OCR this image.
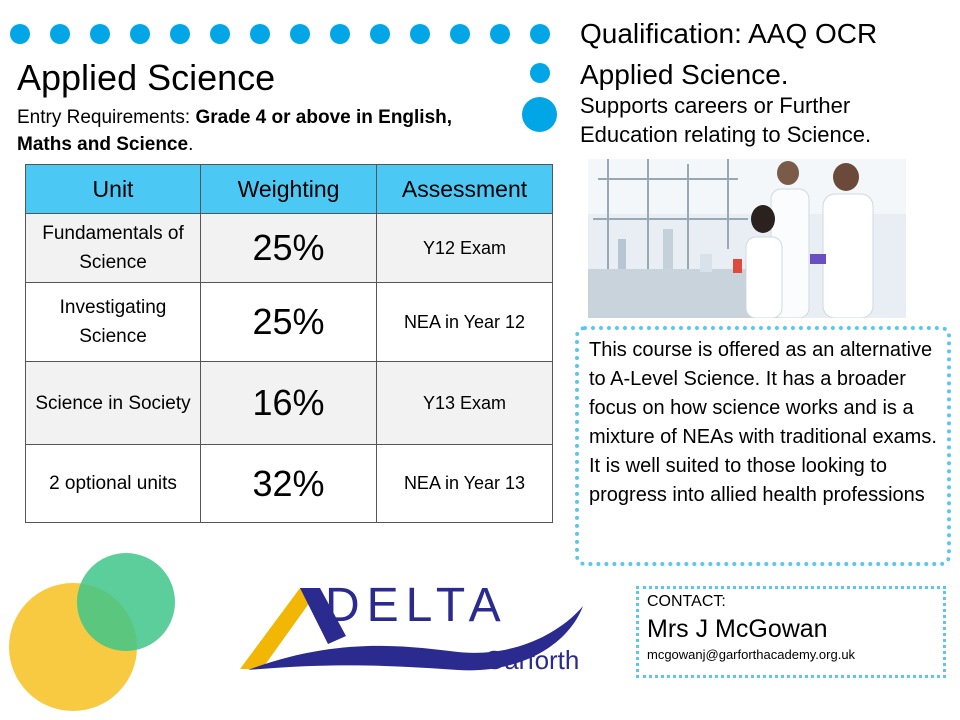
Applied Science
Entry Requirements: Grade 4 or above in English, Maths and Science.
Unit	Weighting	Assessment
Fundamentals of Science	25%	Y12 Exam
Investigating Science	25%	NEA in Year 12
Science in Society	16%	Y13 Exam
2 optional units	32%	NEA in Year 13
Qualification: AAQ OCR
Applied Science.
Supports careers or Further Education relating to Science.
This course is offered as an alternative to A-Level Science. It has a broader focus on how science works and is a mixture of NEAs with traditional exams. It is well suited to those looking to progress into allied health professions
CONTACT:
Mrs J McGowan
mcgowanj@garforthacademy.org.uk
DELTA
Garforth
